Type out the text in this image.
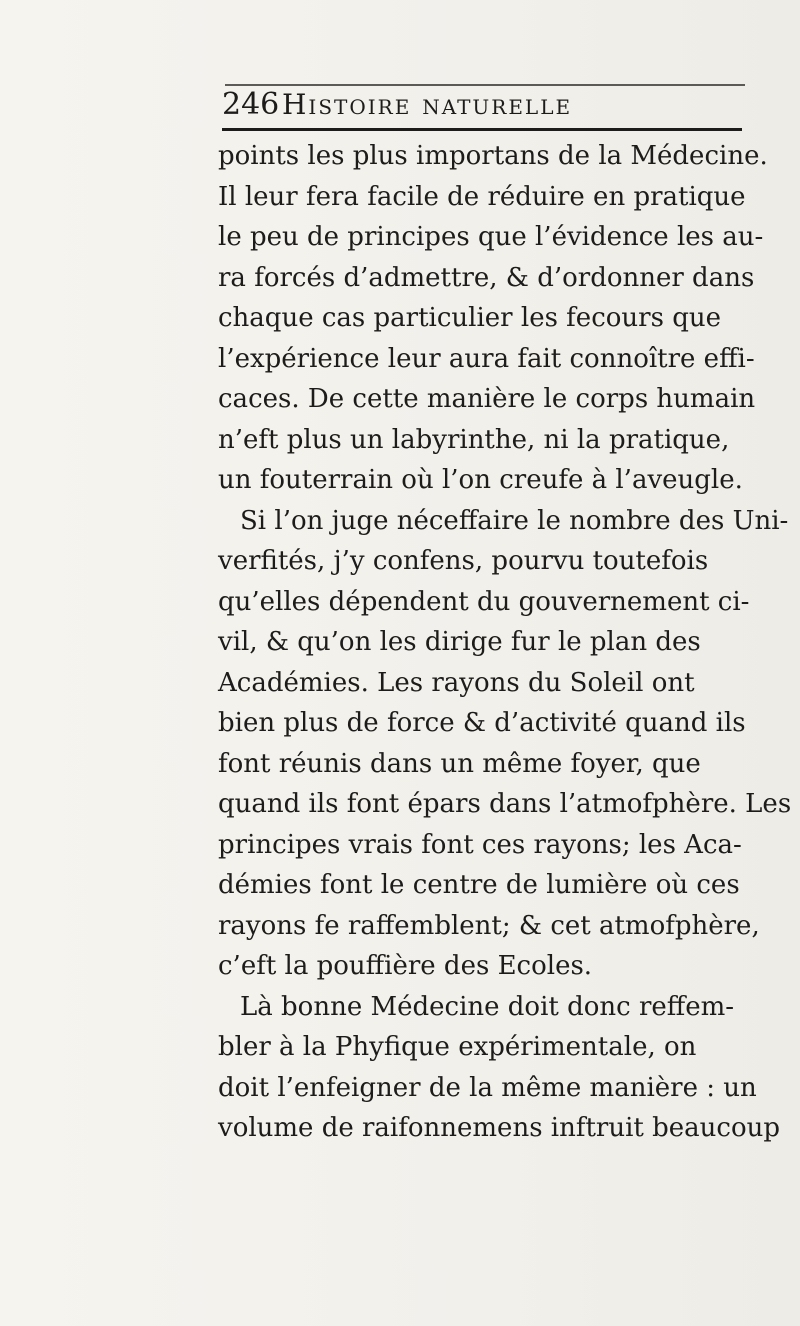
246 Histoire naturelle
points les plus importans de la Médecine.
Il leur fera facile de réduire en pratique
le peu de principes que l’évidence les au-
ra forcés d’admettre, & d’ordonner dans
chaque cas particulier les fecours que
l’expérience leur aura fait connoître effi-
caces. De cette manière le corps humain
n’eft plus un labyrinthe, ni la pratique,
un fouterrain où l’on creufe à l’aveugle.
Si l’on juge néceffaire le nombre des Uni-
verfités, j’y confens, pourvu toutefois
qu’elles dépendent du gouvernement ci-
vil, & qu’on les dirige fur le plan des
Académies. Les rayons du Soleil ont
bien plus de force & d’activité quand ils
font réunis dans un même foyer, que
quand ils font épars dans l’atmofphère. Les
principes vrais font ces rayons; les Aca-
démies font le centre de lumière où ces
rayons fe raffemblent; & cet atmofphère,
c’eft la pouffière des Ecoles.
Là bonne Médecine doit donc reffem-
bler à la Phyfique expérimentale, on
doit l’enfeigner de la même manière : un
volume de raifonnemens inftruit beaucoup
